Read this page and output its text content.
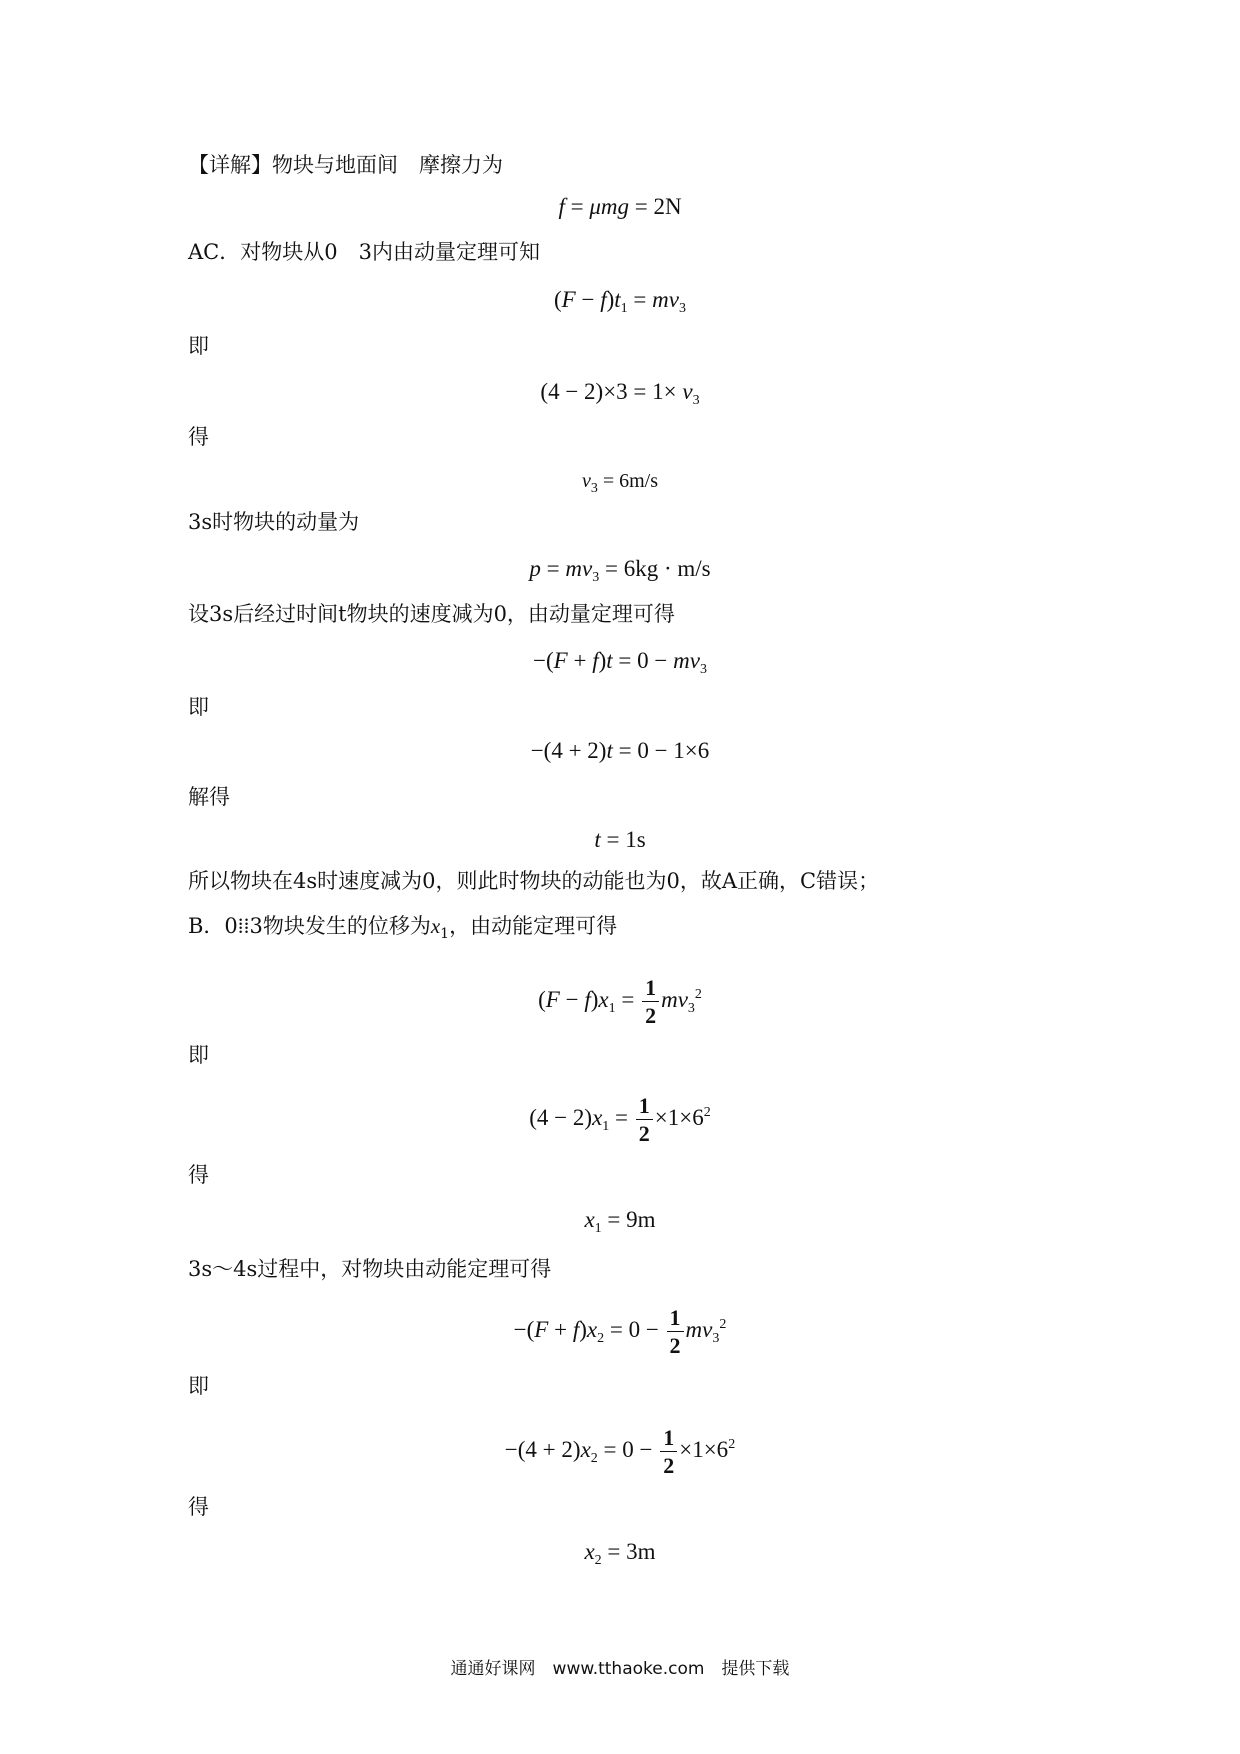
【详解】物块与地面间　摩擦力为
f = μmg = 2N
AC．对物块从0　3内由动量定理可知
$(F - f)t_1 = mv_3$
即
$(4 - 2)\times 3 = 1\times v_3$
得
$v_3 = 6m/s$
3s时物块的动量为
$p = mv_3 = 6kg \cdot m/s$
设3s后经过时间t物块的速度减为0，由动量定理可得
$-(F + f)t = 0 - mv_3$
即
−(4 + 2)t = 0 − 1×6
解得
t = 1s
所以物块在4s时速度减为0，则此时物块的动能也为0，故A正确，C错误；
B．0⁞⁞3物块发生的位移为$x_1$，由动能定理可得
$(F - f)x_1 = \frac{1}{2} mv_3^2$
即
$(4 - 2)x_1 = \frac{1}{2} \times 1\times 6^2$
得
$x_1 = 9m$
3s～4s过程中，对物块由动能定理可得
$-(F + f)x_2 = 0 - \frac{1}{2} mv_3^2$
即
$-(4 + 2)x_2 = 0 - \frac{1}{2} \times 1\times 6^2$
得
$x_2 = 3m$
通通好课网　www.tthaoke.com　提供下载
